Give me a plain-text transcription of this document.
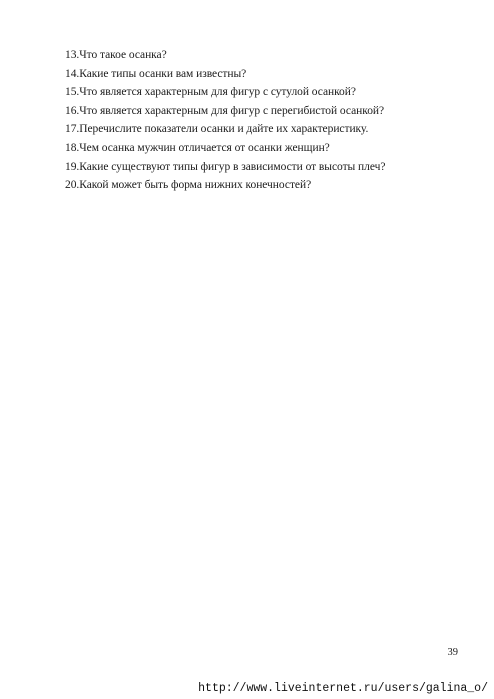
13.Что такое осанка?
14.Какие типы осанки вам известны?
15.Что является характерным для фигур с сутулой осанкой?
16.Что является характерным для фигур с перегибистой осанкой?
17.Перечислите показатели осанки и дайте их характеристику.
18.Чем осанка мужчин отличается от осанки женщин?
19.Какие существуют типы фигур в зависимости от высоты плеч?
20.Какой может быть форма нижних конечностей?
39
http://www.liveinternet.ru/users/galina_o/
